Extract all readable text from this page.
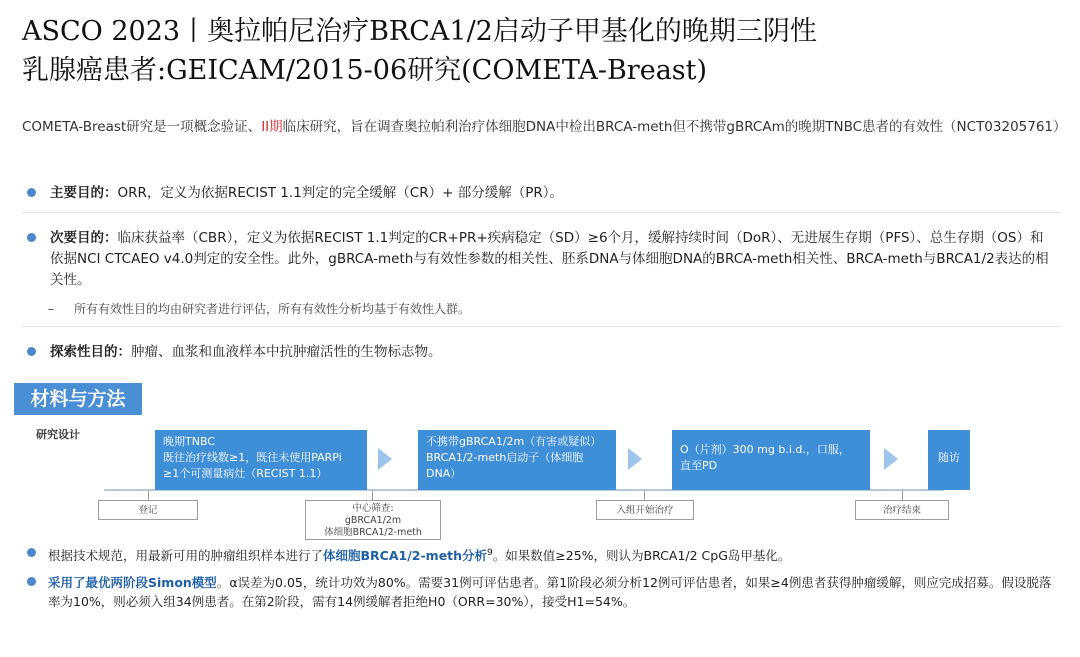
ASCO 2023丨奥拉帕尼治疗BRCA1/2启动子甲基化的晚期三阴性
乳腺癌患者:GEICAM/2015-06研究(COMETA-Breast)
COMETA-Breast研究是一项概念验证、II期临床研究，旨在调查奥拉帕利治疗体细胞DNA中检出BRCA-meth但不携带gBRCAm的晚期TNBC患者的有效性（NCT03205761）
主要目的：ORR，定义为依据RECIST 1.1判定的完全缓解（CR）+ 部分缓解（PR）。
次要目的：临床获益率（CBR），定义为依据RECIST 1.1判定的CR+PR+疾病稳定（SD）≥6个月，缓解持续时间（DoR）、无进展生存期（PFS）、总生存期（OS）和依据NCI CTCAEO v4.0判定的安全性。此外，gBRCA-meth与有效性参数的相关性、胚系DNA与体细胞DNA的BRCA-meth相关性、BRCA-meth与BRCA1/2表达的相关性。
– 所有有效性目的均由研究者进行评估，所有有效性分析均基于有效性人群。
探索性目的：肿瘤、血浆和血液样本中抗肿瘤活性的生物标志物。
材料与方法
研究设计
晚期TNBC
既往治疗线数≥1，既往未使用PARPi
≥1个可测量病灶（RECIST 1.1）
不携带gBRCA1/2m（有害或疑似）
BRCA1/2-meth启动子（体细胞
DNA）
O（片剂）300 mg b.i.d.，口服，
直至PD
随访
登记	中心筛查:
gBRCA1/2m
体细胞BRCA1/2-meth
入组开始治疗	治疗结束
根据技术规范，用最新可用的肿瘤组织样本进行了体细胞BRCA1/2-meth分析$^9$。如果数值≥25%，则认为BRCA1/2 CpG岛甲基化。
采用了最优两阶段Simon模型。α误差为0.05，统计功效为80%。需要31例可评估患者。第1阶段必须分析12例可评估患者，如果≥4例患者获得肿瘤缓解，则应完成招募。假设脱落率为10%，则必须入组34例患者。在第2阶段，需有14例缓解者拒绝H0（ORR=30%），接受H1=54%。
